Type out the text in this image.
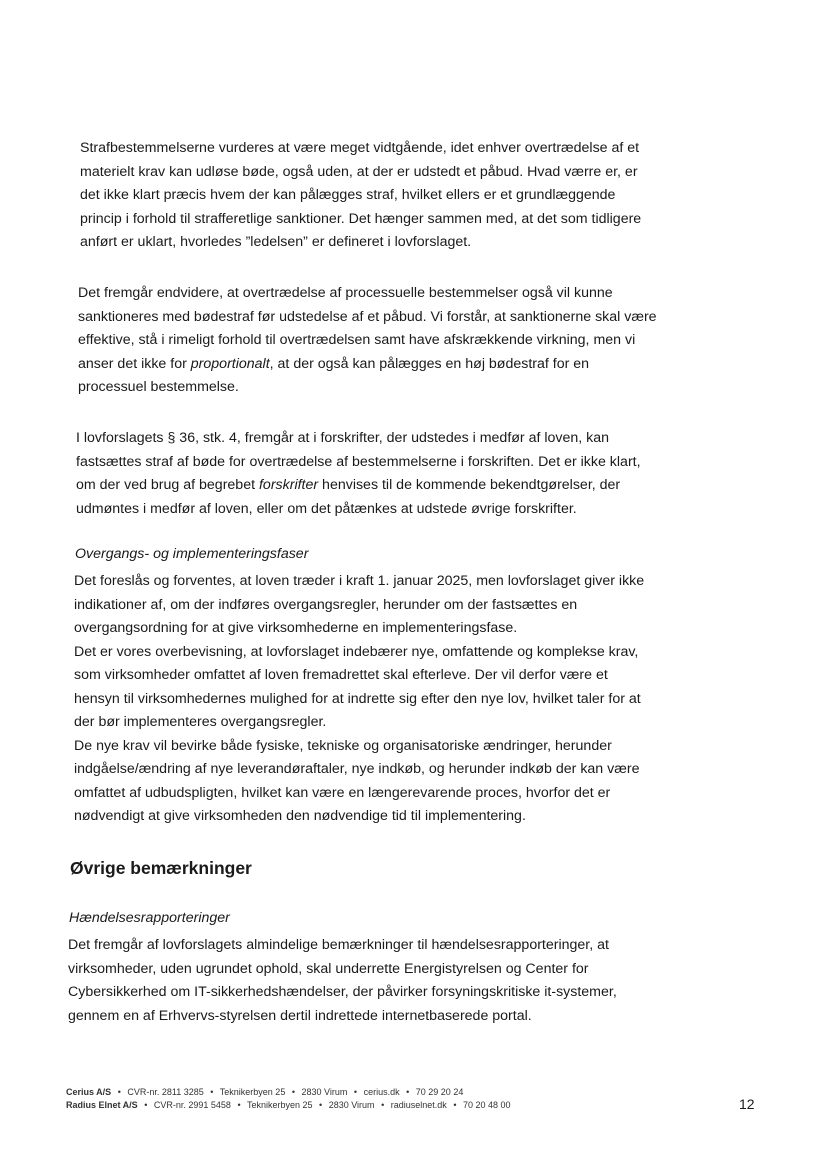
Strafbestemmelserne vurderes at være meget vidtgående, idet enhver overtrædelse af et
materielt krav kan udløse bøde, også uden, at der er udstedt et påbud. Hvad værre er, er
det ikke klart præcis hvem der kan pålægges straf, hvilket ellers er et grundlæggende
princip i forhold til strafferetlige sanktioner. Det hænger sammen med, at det som tidligere
anført er uklart, hvorledes ”ledelsen” er defineret i lovforslaget.
Det fremgår endvidere, at overtrædelse af processuelle bestemmelser også vil kunne
sanktioneres med bødestraf før udstedelse af et påbud. Vi forstår, at sanktionerne skal være
effektive, stå i rimeligt forhold til overtrædelsen samt have afskrækkende virkning, men vi
anser det ikke for proportionalt, at der også kan pålægges en høj bødestraf for en
processuel bestemmelse.
I lovforslagets § 36, stk. 4, fremgår at i forskrifter, der udstedes i medfør af loven, kan
fastsættes straf af bøde for overtrædelse af bestemmelserne i forskriften. Det er ikke klart,
om der ved brug af begrebet forskrifter henvises til de kommende bekendtgørelser, der
udmøntes i medfør af loven, eller om det påtænkes at udstede øvrige forskrifter.
Overgangs- og implementeringsfaser
Det foreslås og forventes, at loven træder i kraft 1. januar 2025, men lovforslaget giver ikke
indikationer af, om der indføres overgangsregler, herunder om der fastsættes en
overgangsordning for at give virksomhederne en implementeringsfase.
Det er vores overbevisning, at lovforslaget indebærer nye, omfattende og komplekse krav,
som virksomheder omfattet af loven fremadrettet skal efterleve. Der vil derfor være et
hensyn til virksomhedernes mulighed for at indrette sig efter den nye lov, hvilket taler for at
der bør implementeres overgangsregler.
De nye krav vil bevirke både fysiske, tekniske og organisatoriske ændringer, herunder
indgåelse/ændring af nye leverandøraftaler, nye indkøb, og herunder indkøb der kan være
omfattet af udbudspligten, hvilket kan være en længerevarende proces, hvorfor det er
nødvendigt at give virksomheden den nødvendige tid til implementering.
Øvrige bemærkninger
Hændelsesrapporteringer
Det fremgår af lovforslagets almindelige bemærkninger til hændelsesrapporteringer, at
virksomheder, uden ugrundet ophold, skal underrette Energistyrelsen og Center for
Cybersikkerhed om IT-sikkerhedshændelser, der påvirker forsyningskritiske it-systemer,
gennem en af Erhvervs-styrelsen dertil indrettede internetbaserede portal.
Cerius A/S • CVR-nr. 2811 3285 • Teknikerbyen 25 • 2830 Virum • cerius.dk • 70 29 20 24
Radius Elnet A/S • CVR-nr. 2991 5458 • Teknikerbyen 25 • 2830 Virum • radiuselnet.dk • 70 20 48 00	12
